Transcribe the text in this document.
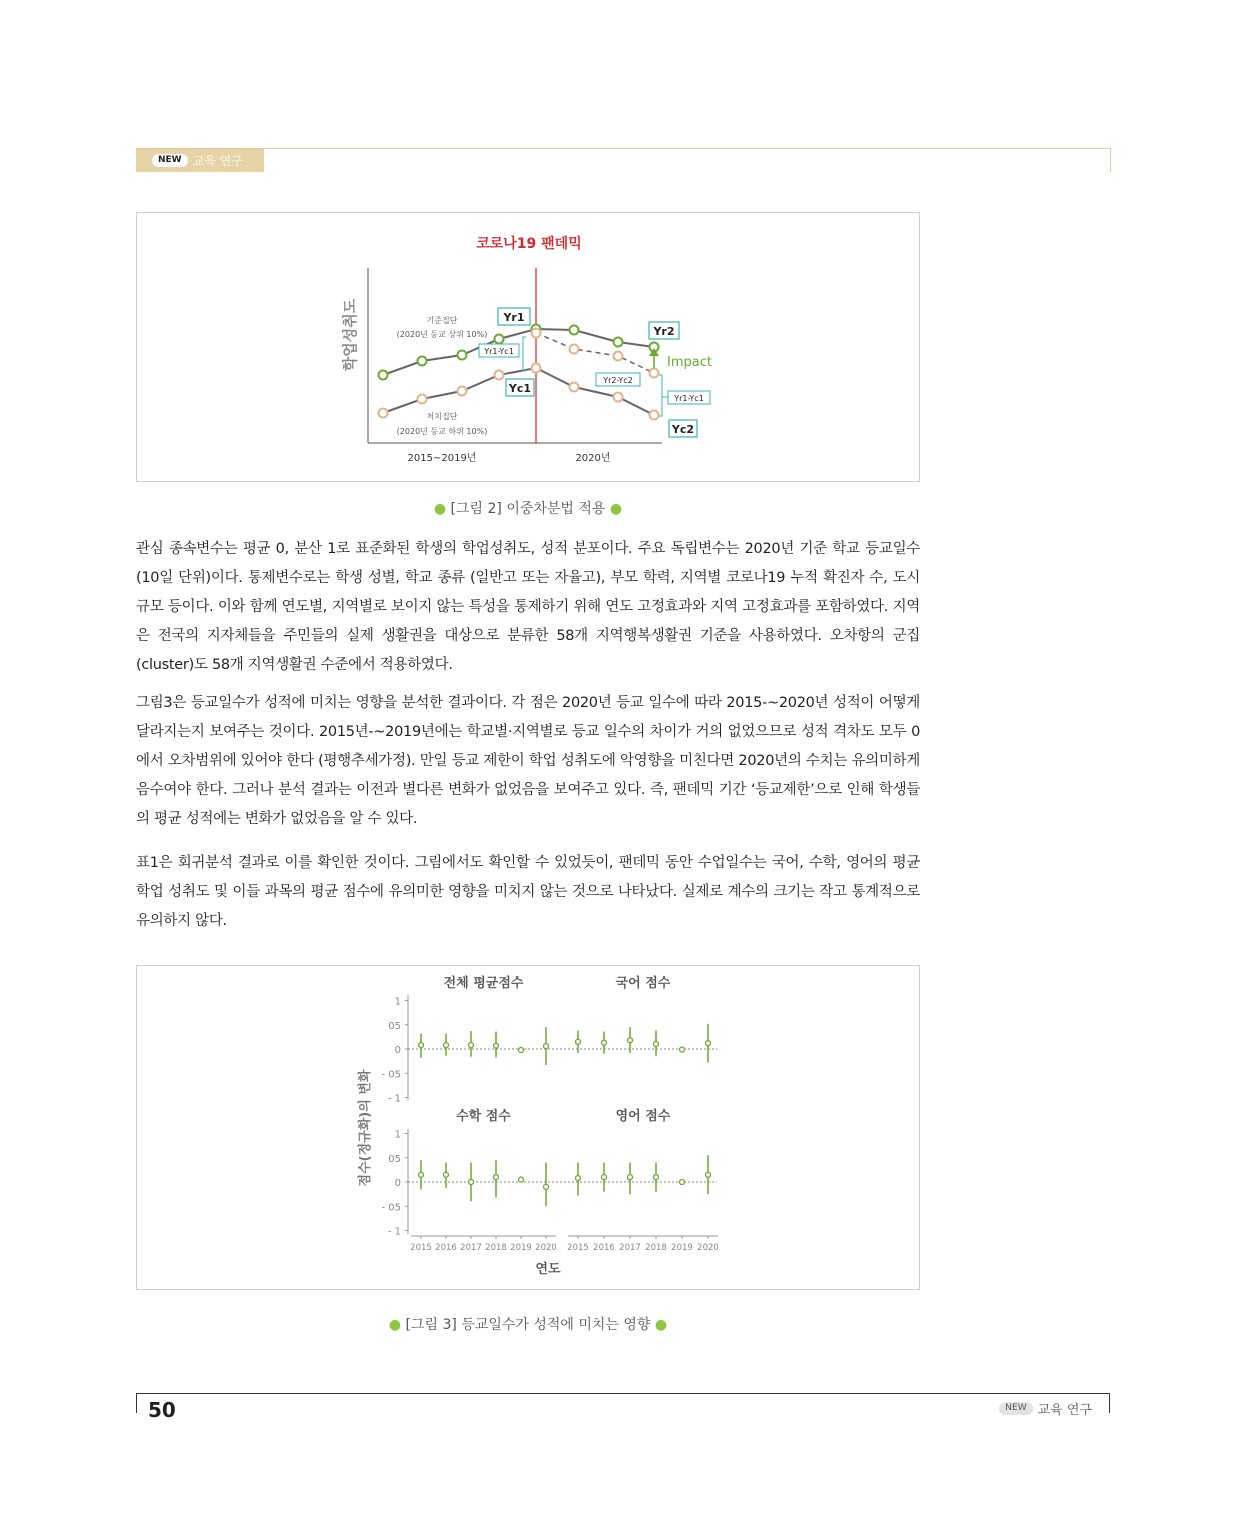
NEW 교육 연구
코로나19 팬데믹
학업성취도
2015~2019년	2020년
기준집단
(2020년 등교 상위 10%)
처치집단
(2020년 등교 하위 10%)
Yr1
Yc1
Yr2
Yc2
Yr1-Yc1
Yr2-Yc2
Yr1-Yc1
Impact
● [그림 2] 이중차분법 적용 ●

관심 종속변수는 평균 0, 분산 1로 표준화된 학생의 학업성취도, 성적 분포이다. 주요 독립변수는 2020년 기준 학교 등교일수 (10일 단위)이다. 통제변수로는 학생 성별, 학교 종류 (일반고 또는 자율고), 부모 학력, 지역별 코로나19 누적 확진자 수, 도시 규모 등이다. 이와 함께 연도별, 지역별로 보이지 않는 특성을 통제하기 위해 연도 고정효과와 지역 고정효과를 포함하였다. 지역은 전국의 지자체들을 주민들의 실제 생활권을 대상으로 분류한 58개 지역행복생활권 기준을 사용하였다. 오차항의 군집(cluster)도 58개 지역생활권 수준에서 적용하였다.

그림3은 등교일수가 성적에 미치는 영향을 분석한 결과이다. 각 점은 2020년 등교 일수에 따라 2015-~2020년 성적이 어떻게 달라지는지 보여주는 것이다. 2015년-~2019년에는 학교별·지역별로 등교 일수의 차이가 거의 없었으므로 성적 격차도 모두 0에서 오차범위에 있어야 한다 (평행추세가정). 만일 등교 제한이 학업 성취도에 악영향을 미친다면 2020년의 수치는 유의미하게 음수여야 한다. 그러나 분석 결과는 이전과 별다른 변화가 없었음을 보여주고 있다. 즉, 팬데믹 기간 ‘등교제한’으로 인해 학생들의 평균 성적에는 변화가 없었음을 알 수 있다.

표1은 회귀분석 결과로 이를 확인한 것이다. 그림에서도 확인할 수 있었듯이, 팬데믹 동안 수업일수는 국어, 수학, 영어의 평균 학업 성취도 및 이들 과목의 평균 점수에 유의미한 영향을 미치지 않는 것으로 나타났다. 실제로 계수의 크기는 작고 통계적으로 유의하지 않다.

점수(정규화)의 변화
연도
1
05
0
- 05
- 1
전체 평균점수	국어 점수
1
05
0
- 05
- 1
수학 점수	영어 점수
2015 2016 2017 2018 2019 2020 2015 2016 2017 2018 2019 2020
● [그림 3] 등교일수가 성적에 미치는 영향 ●
50	NEW 교육 연구
